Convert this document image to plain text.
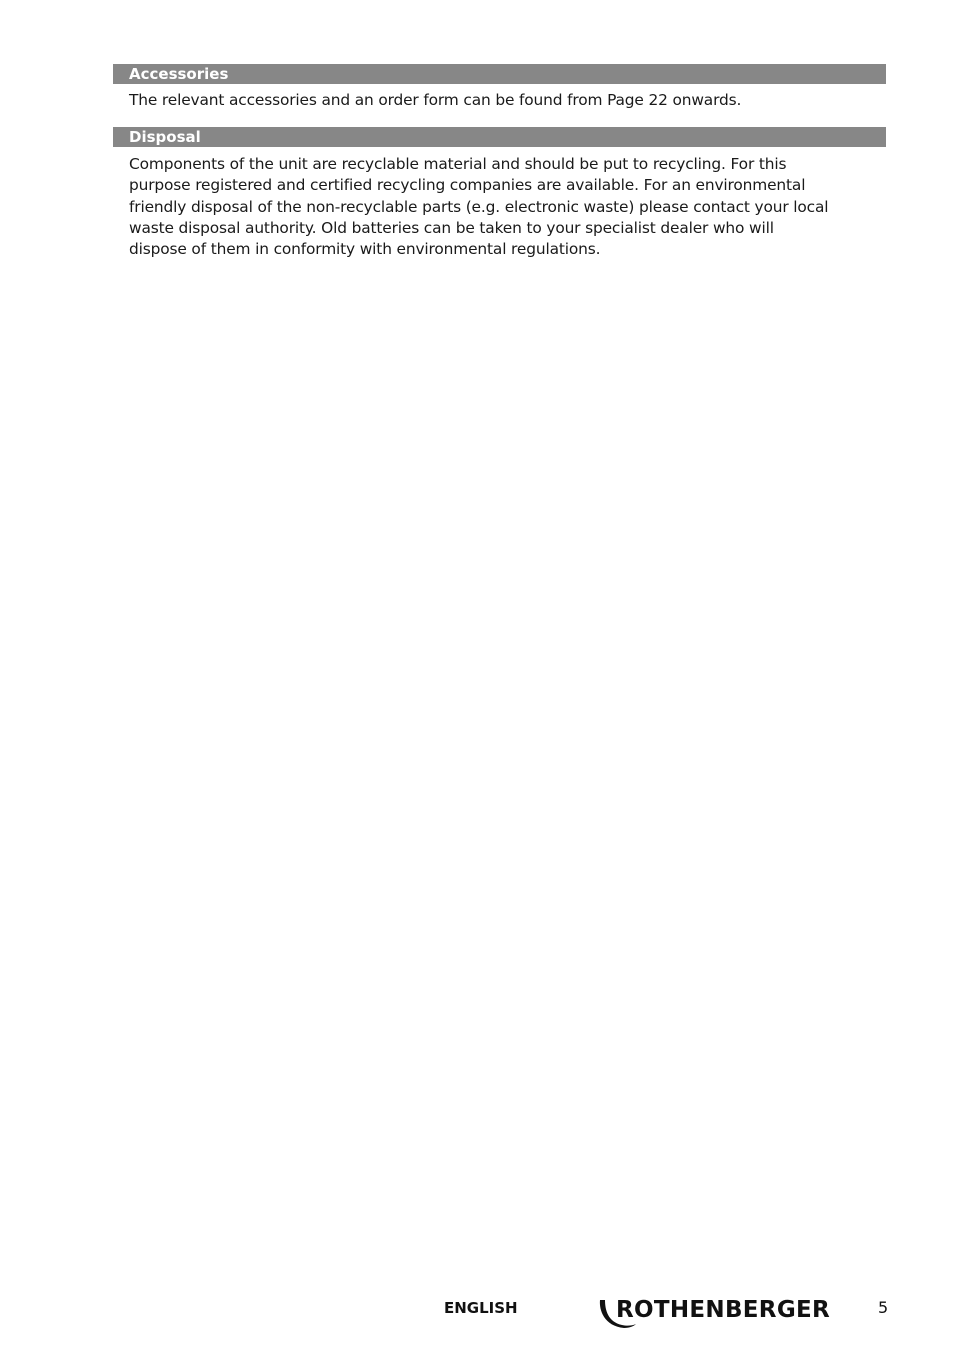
Accessories
The relevant accessories and an order form can be found from Page 22 onwards.
Disposal
Components of the unit are recyclable material and should be put to recycling. For this
purpose registered and certified recycling companies are available. For an environmental
friendly disposal of the non-recyclable parts (e.g. electronic waste) please contact your local
waste disposal authority. Old batteries can be taken to your specialist dealer who will
dispose of them in conformity with environmental regulations.
ENGLISH	ROTHENBERGER	5
